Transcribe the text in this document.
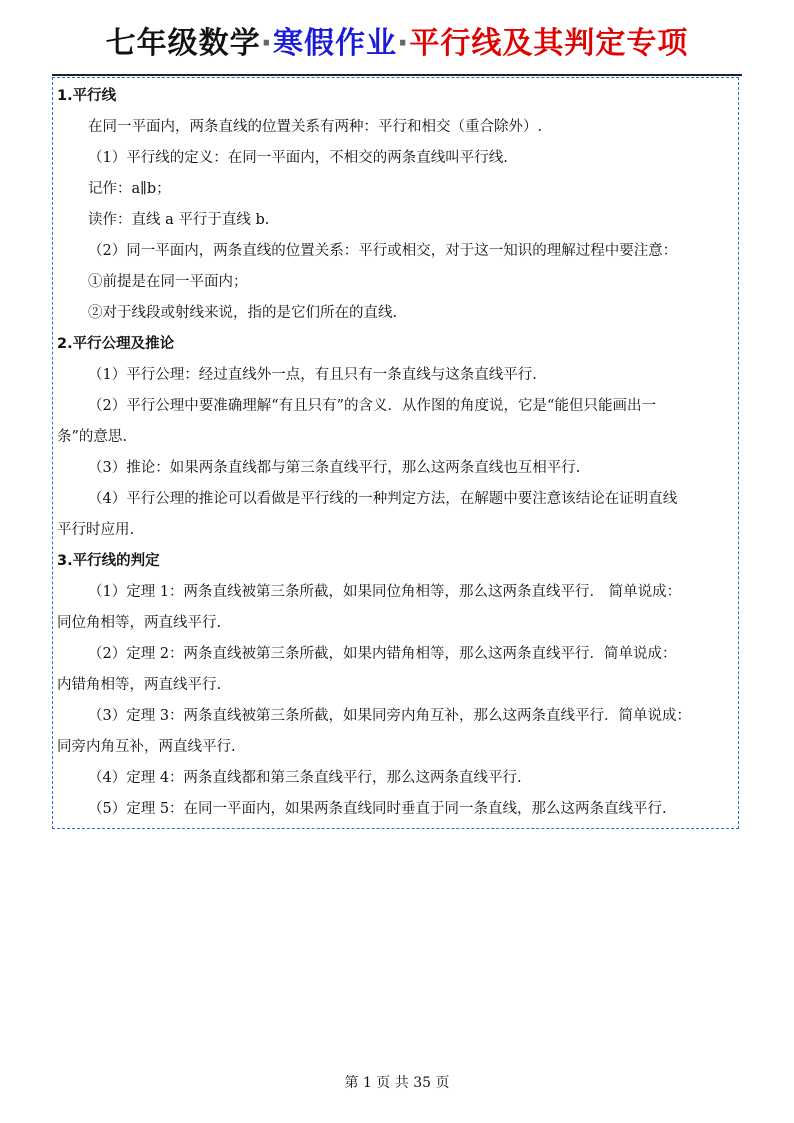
七年级数学·寒假作业·平行线及其判定专项
1.平行线
在同一平面内，两条直线的位置关系有两种：平行和相交（重合除外）.
（1）平行线的定义：在同一平面内，不相交的两条直线叫平行线.
记作：a∥b；
读作：直线 a 平行于直线 b.
（2）同一平面内，两条直线的位置关系：平行或相交，对于这一知识的理解过程中要注意：
①前提是在同一平面内；
②对于线段或射线来说，指的是它们所在的直线.
2.平行公理及推论
（1）平行公理：经过直线外一点，有且只有一条直线与这条直线平行.
（2）平行公理中要准确理解“有且只有”的含义．从作图的角度说，它是“能但只能画出一
条”的意思.
（3）推论：如果两条直线都与第三条直线平行，那么这两条直线也互相平行.
（4）平行公理的推论可以看做是平行线的一种判定方法，在解题中要注意该结论在证明直线
平行时应用.
3.平行线的判定
（1）定理 1：两条直线被第三条所截，如果同位角相等，那么这两条直线平行． 简单说成：
同位角相等，两直线平行.
（2）定理 2：两条直线被第三条所截，如果内错角相等，那么这两条直线平行．简单说成：
内错角相等，两直线平行.
（3）定理 3：两条直线被第三条所截，如果同旁内角互补，那么这两条直线平行．简单说成：
同旁内角互补，两直线平行.
（4）定理 4：两条直线都和第三条直线平行，那么这两条直线平行.
（5）定理 5：在同一平面内，如果两条直线同时垂直于同一条直线，那么这两条直线平行.
第 1 页 共 35 页
